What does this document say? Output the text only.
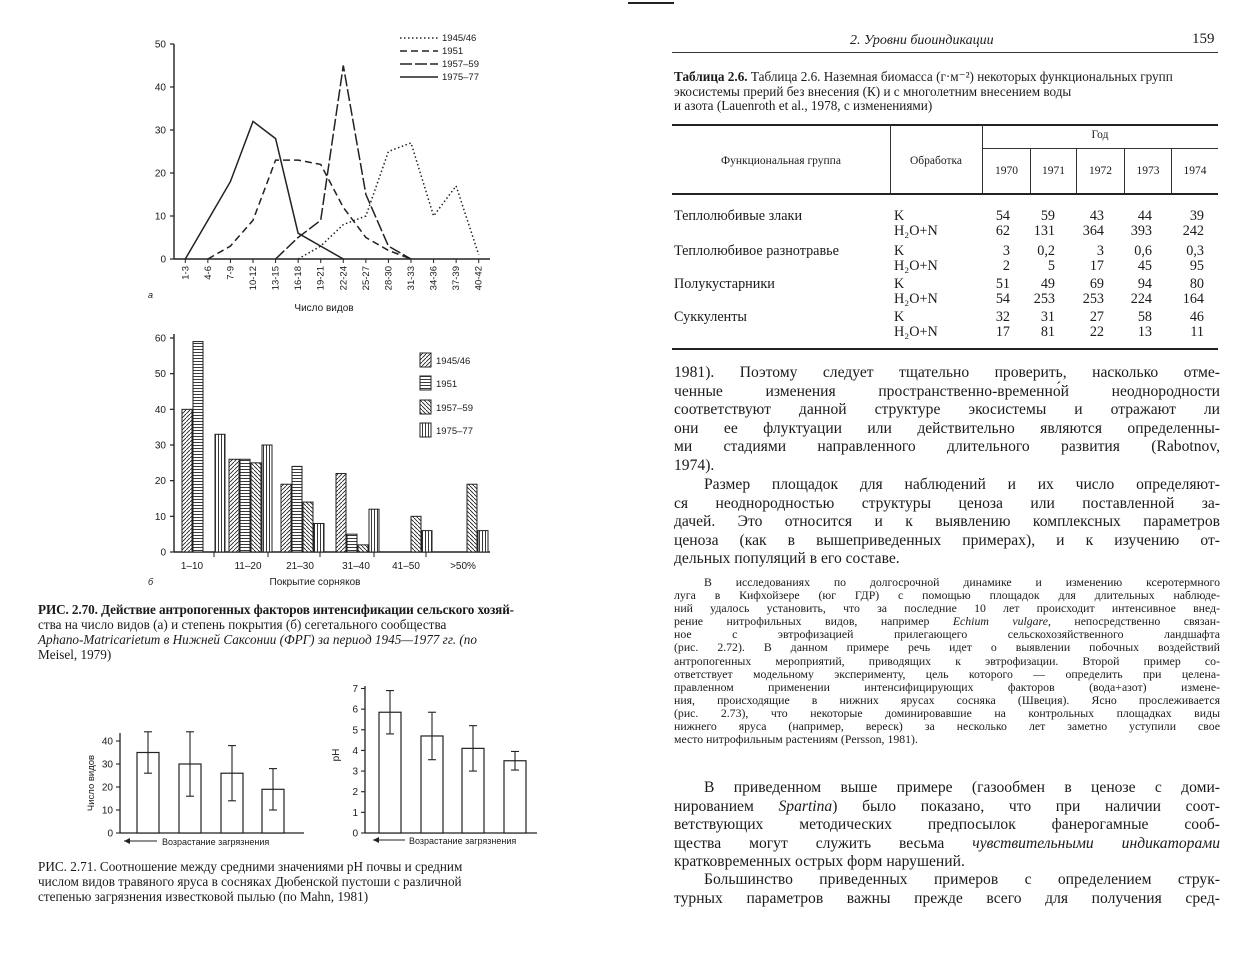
50
40
30
20
10
0
1-3 4-6 7-9 10-12 13-15 16-18 19-21 22-24 25-27 28-30 31-33 34-36 37-39 40-42
а
Число видов
1945/46
1951
1957–59
1975–77
60
50
40
30
20
10
0
1–10	11–20 21–30	31–40 41–50	>50%
б	Покрытие сорняков
1945/46
1951
1957–59
1975–77
РИС. 2.70. Действие антропогенных факторов интенсификации сельского хозяй-
ства на число видов (а) и степень покрытия (б) сегетального сообщества
Aphano-Matricarietum в Нижней Саксонии (ФРГ) за период 1945—1977 гг. (по
Meisel, 1979)
40
30
20
10
0
Число видов
Возрастание загрязнения
7
6
5
4
3
2
1
0
pH
Возрастание загрязнения
РИС. 2.71. Соотношение между средними значениями pH почвы и средним
числом видов травяного яруса в сосняках Дюбенской пустоши с различной
степенью загрязнения известковой пылью (по Mahn, 1981)
2. Уровни биоиндикации	159
Таблица 2.6. Таблица 2.6. Наземная биомасса (г·м⁻²) некоторых функциональных групп
экосистемы прерий без внесения (К) и с многолетним внесением воды
и азота (Lauenroth et al., 1978, с изменениями)
Функциональная группа	Обработка
Год
1970	1971	1972	1973	1974
Теплолюбивые злаки	K	54	59	43	44	39
H₂O+N	62	131	364	393	242
Теплолюбивое разнотравье	K	3	0,2	3	0,6	0,3
H₂O+N	2	5	17	45	95
Полукустарники	K	51	49	69	94	80
H₂O+N	54	253	253	224	164
Суккуленты	K	32	31	27	58	46
H₂O+N	17	81	22	13	11
1981). Поэтому следует тщательно проверить, насколько отме-
ченные изменения пространственно-временно́й неоднородности
соответствуют данной структуре экосистемы и отражают ли
они ее флуктуации или действительно являются определенны-
ми стадиями направленного длительного развития (Rabotnov,
1974).
Размер площадок для наблюдений и их число определяют-
ся неоднородностью структуры ценоза или поставленной за-
дачей. Это относится и к выявлению комплексных параметров
ценоза (как в вышеприведенных примерах), и к изучению от-
дельных популяций в его составе.
В исследованиях по долгосрочной динамике и изменению ксеротермного
луга в Кифхойзере (юг ГДР) с помощью площадок для длительных наблюде-
ний удалось установить, что за последние 10 лет происходит интенсивное внед-
рение нитрофильных видов, например Echium vulgare, непосредственно связан-
ное с эвтрофизацией прилегающего сельскохозяйственного ландшафта
(рис. 2.72). В данном примере речь идет о выявлении побочных воздействий
антропогенных мероприятий, приводящих к эвтрофизации. Второй пример со-
ответствует модельному эксперименту, цель которого — определить при целена-
правленном применении интенсифицирующих факторов (вода+азот) измене-
ния, происходящие в нижних ярусах сосняка (Швеция). Ясно прослеживается
(рис. 2.73), что некоторые доминировавшие на контрольных площадках виды
нижнего яруса (например, вереск) за несколько лет заметно уступили свое
место нитрофильным растениям (Persson, 1981).
В приведенном выше примере (газообмен в ценозе с доми-
нированием Spartina) было показано, что при наличии соот-
ветствующих методических предпосылок фанерогамные сооб-
щества могут служить весьма чувствительными индикаторами
кратковременных острых форм нарушений.
Большинство приведенных примеров с определением струк-
турных параметров важны прежде всего для получения сред-
